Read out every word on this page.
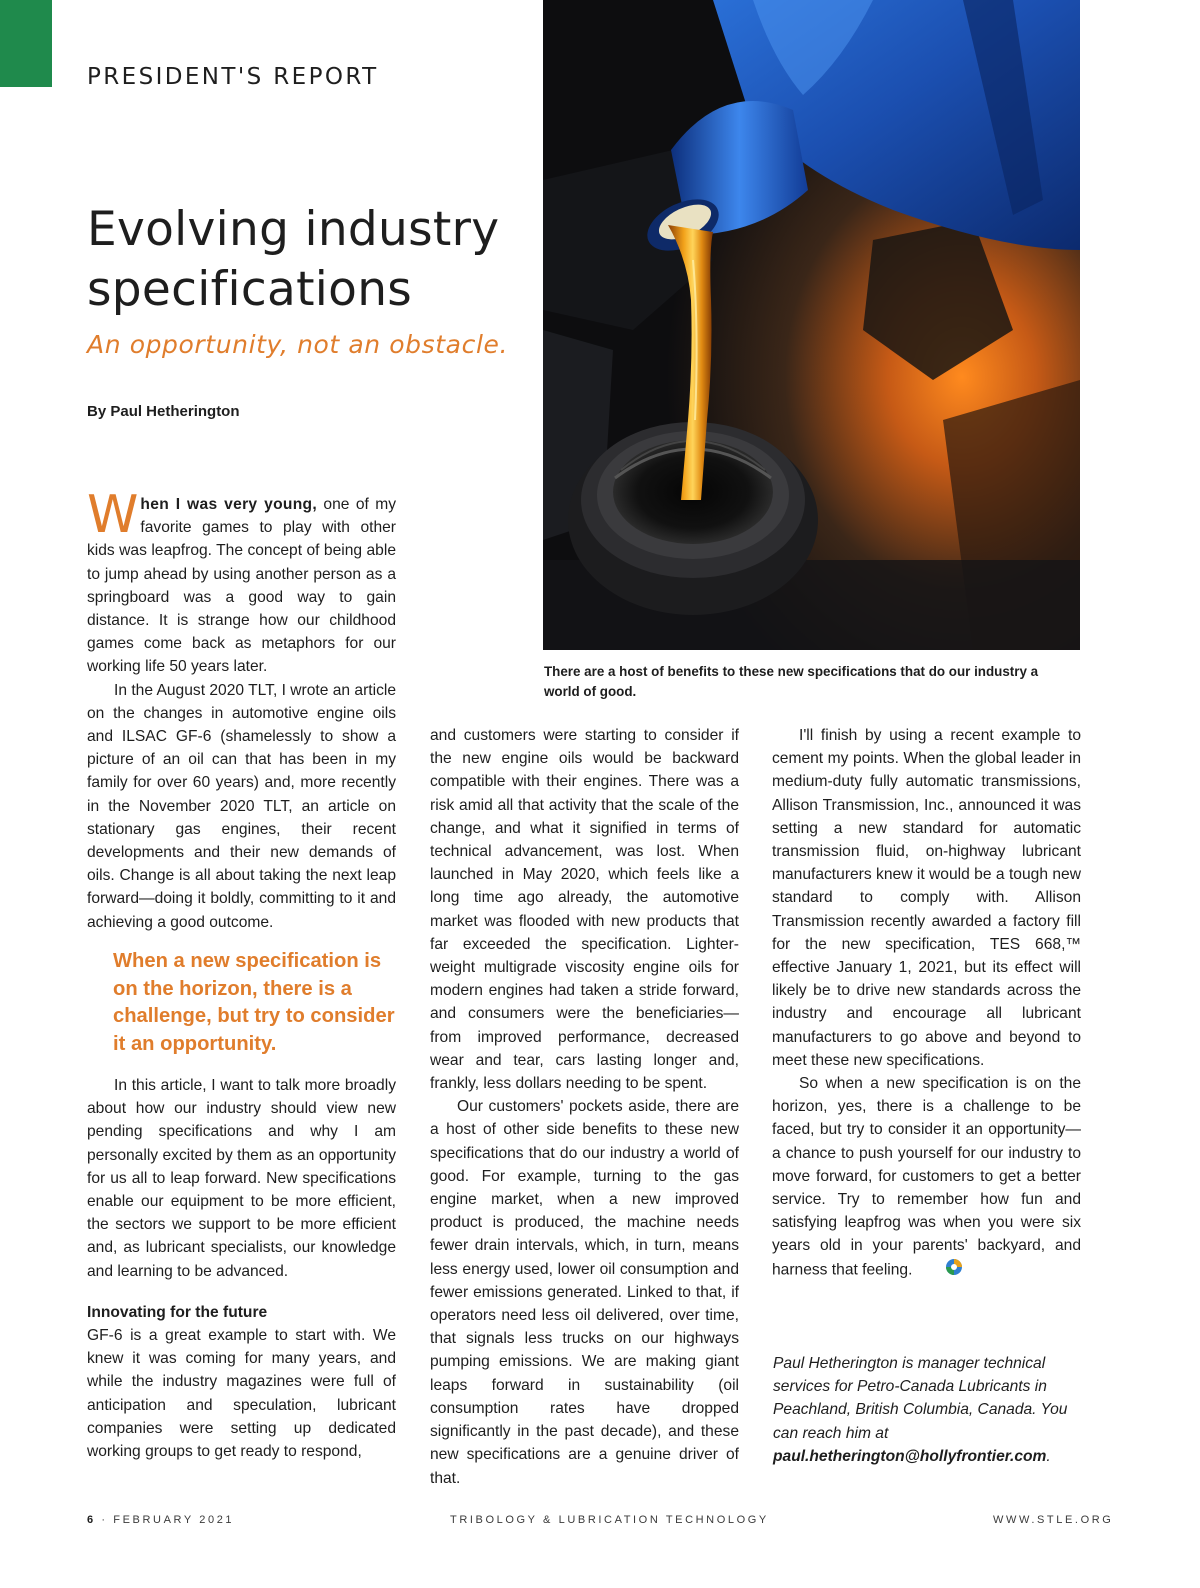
PRESIDENT'S REPORT
Evolving industry
specifications
An opportunity, not an obstacle.
By Paul Hetherington
There are a host of benefits to these new specifications that do our industry a world of good.

When I was very young, one of my favorite games to play with other kids was leapfrog. The concept of being able to jump ahead by using another person as a springboard was a good way to gain distance. It is strange how our childhood games come back as metaphors for our working life 50 years later.

In the August 2020 TLT, I wrote an article on the changes in automotive engine oils and ILSAC GF-6 (shamelessly to show a picture of an oil can that has been in my family for over 60 years) and, more recently in the November 2020 TLT, an article on stationary gas engines, their recent developments and their new demands of oils. Change is all about taking the next leap forward—doing it boldly, committing to it and achieving a good outcome.

When a new specification is on the horizon, there is a challenge, but try to consider it an opportunity.

In this article, I want to talk more broadly about how our industry should view new pending specifications and why I am personally excited by them as an opportunity for us all to leap forward. New specifications enable our equipment to be more efficient, the sectors we support to be more efficient and, as lubricant specialists, our knowledge and learning to be advanced.

Innovating for the future

GF-6 is a great example to start with. We knew it was coming for many years, and while the industry magazines were full of anticipation and speculation, lubricant companies were setting up dedicated working groups to get ready to respond,

and customers were starting to consider if the new engine oils would be backward compatible with their engines. There was a risk amid all that activity that the scale of the change, and what it signified in terms of technical advancement, was lost. When launched in May 2020, which feels like a long time ago already, the automotive market was flooded with new products that far exceeded the specification. Lighter-weight multigrade viscosity engine oils for modern engines had taken a stride forward, and consumers were the beneficiaries—from improved performance, decreased wear and tear, cars lasting longer and, frankly, less dollars needing to be spent.

Our customers' pockets aside, there are a host of other side benefits to these new specifications that do our industry a world of good. For example, turning to the gas engine market, when a new improved product is produced, the machine needs fewer drain intervals, which, in turn, means less energy used, lower oil consumption and fewer emissions generated. Linked to that, if operators need less oil delivered, over time, that signals less trucks on our highways pumping emissions. We are making giant leaps forward in sustainability (oil consumption rates have dropped significantly in the past decade), and these new specifications are a genuine driver of that.

I'll finish by using a recent example to cement my points. When the global leader in medium-duty fully automatic transmissions, Allison Transmission, Inc., announced it was setting a new standard for automatic transmission fluid, on-highway lubricant manufacturers knew it would be a tough new standard to comply with. Allison Transmission recently awarded a factory fill for the new specification, TES 668,™ effective January 1, 2021, but its effect will likely be to drive new standards across the industry and encourage all lubricant manufacturers to go above and beyond to meet these new specifications.

So when a new specification is on the horizon, yes, there is a challenge to be faced, but try to consider it an opportunity—a chance to push yourself for our industry to move forward, for customers to get a better service. Try to remember how fun and satisfying leapfrog was when you were six years old in your parents' backyard, and harness that feeling.

Paul Hetherington is manager technical services for Petro-Canada Lubricants in Peachland, British Columbia, Canada. You can reach him at paul.hetherington@hollyfrontier.com.
6 · FEBRUARY 2021	TRIBOLOGY & LUBRICATION TECHNOLOGY	WWW.STLE.ORG
